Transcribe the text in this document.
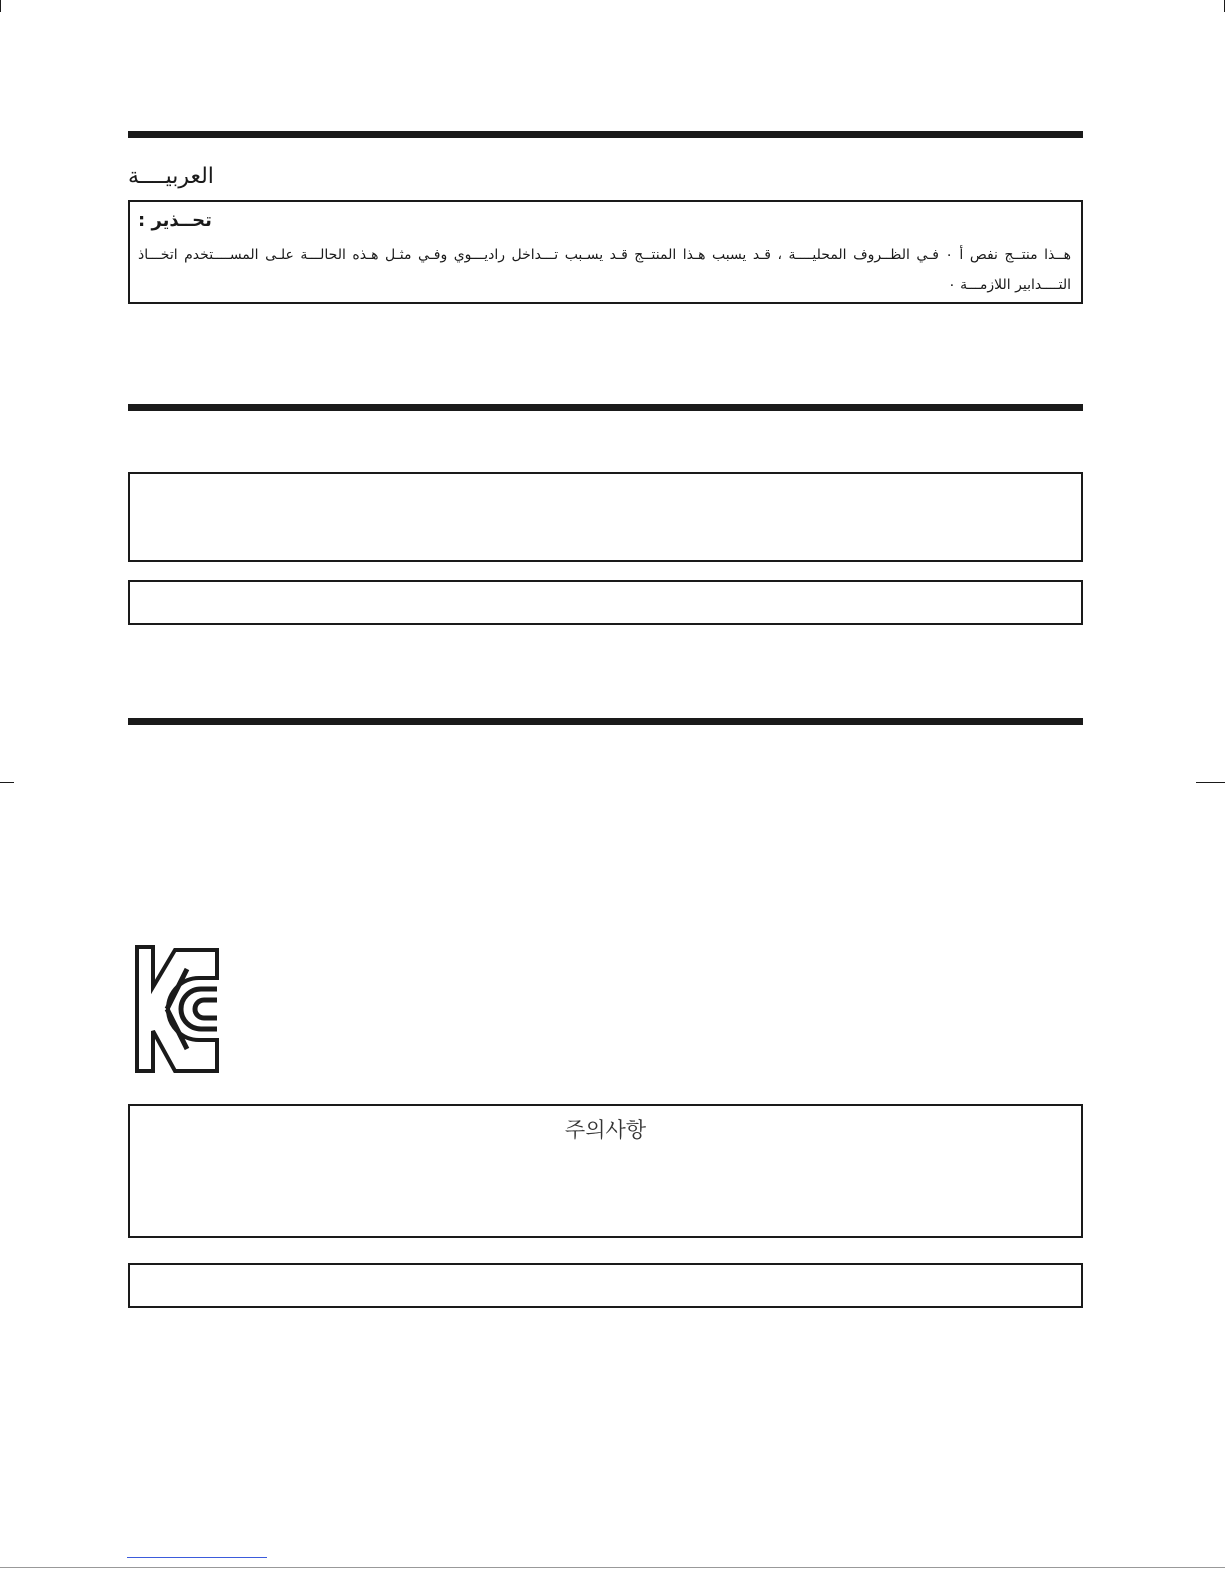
العربيــــة
تحــذير :
هــذا منتــج نفص أ ٠ فـي الظــروف المحليــــة ، قـد يسبب هـذا المنتــج قـد يسـبب تـــداخل راديـــوي وفـي مثـل هـذه الحالـــة علـى المســــتخدم اتخـــاذ التــــدابير اللازمـــة ٠
주의사항
